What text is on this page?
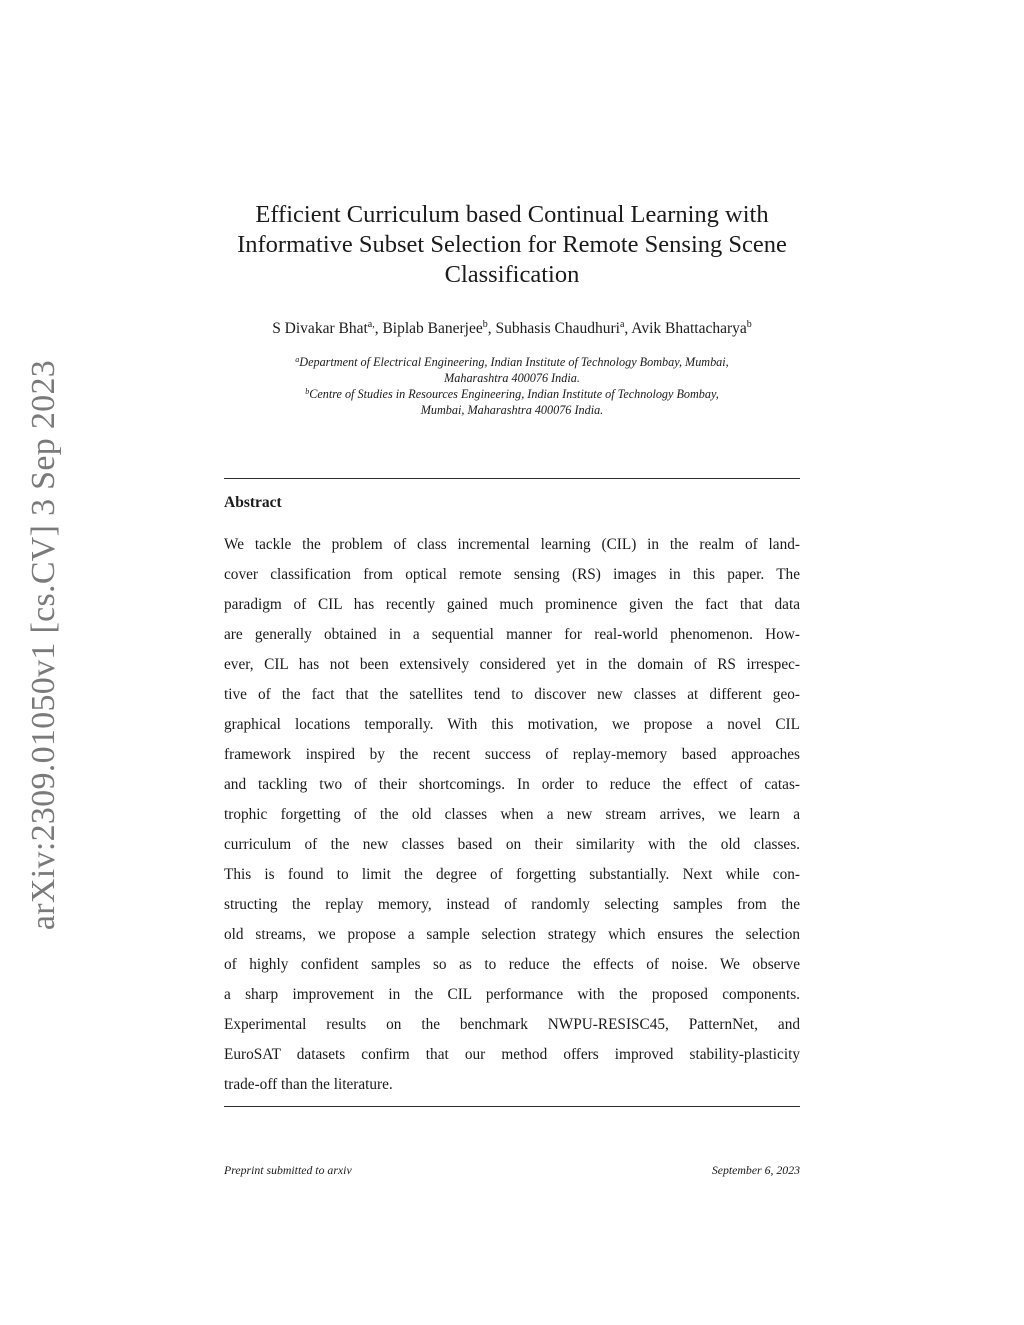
arXiv:2309.01050v1 [cs.CV] 3 Sep 2023
Efficient Curriculum based Continual Learning with
Informative Subset Selection for Remote Sensing Scene
Classification
S Divakar Bhat$^{a,}$, Biplab Banerjee$^b$, Subhasis Chaudhuri$^a$, Avik Bhattacharya$^b$
$^a$Department of Electrical Engineering, Indian Institute of Technology Bombay, Mumbai,
Maharashtra 400076 India.
$^b$Centre of Studies in Resources Engineering, Indian Institute of Technology Bombay,
Mumbai, Maharashtra 400076 India.
Abstract
We tackle the problem of class incremental learning (CIL) in the realm of land-
cover classification from optical remote sensing (RS) images in this paper. The
paradigm of CIL has recently gained much prominence given the fact that data
are generally obtained in a sequential manner for real-world phenomenon. How-
ever, CIL has not been extensively considered yet in the domain of RS irrespec-
tive of the fact that the satellites tend to discover new classes at different geo-
graphical locations temporally. With this motivation, we propose a novel CIL
framework inspired by the recent success of replay-memory based approaches
and tackling two of their shortcomings. In order to reduce the effect of catas-
trophic forgetting of the old classes when a new stream arrives, we learn a
curriculum of the new classes based on their similarity with the old classes.
This is found to limit the degree of forgetting substantially. Next while con-
structing the replay memory, instead of randomly selecting samples from the
old streams, we propose a sample selection strategy which ensures the selection
of highly confident samples so as to reduce the effects of noise. We observe
a sharp improvement in the CIL performance with the proposed components.
Experimental results on the benchmark NWPU-RESISC45, PatternNet, and
EuroSAT datasets confirm that our method offers improved stability-plasticity
trade-off than the literature.
Preprint submitted to arxiv	September 6, 2023
